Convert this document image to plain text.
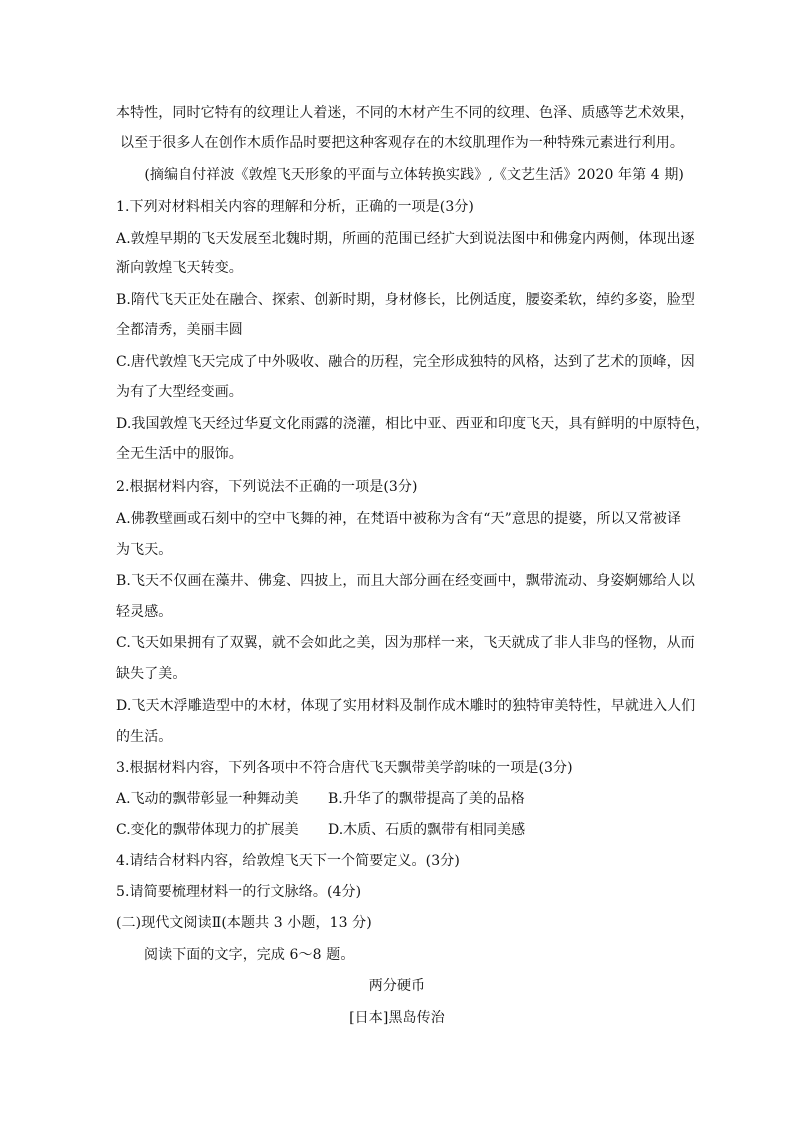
本特性，同时它特有的纹理让人着迷，不同的木材产生不同的纹理、色泽、质感等艺术效果，
以至于很多人在创作木质作品时要把这种客观存在的木纹肌理作为一种特殊元素进行利用。
(摘编自付祥波《敦煌飞天形象的平面与立体转换实践》,《文艺生活》2020 年第 4 期)
1.下列对材料相关内容的理解和分析，正确的一项是(3分)
A.敦煌早期的飞天发展至北魏时期，所画的范围已经扩大到说法图中和佛龛内两侧，体现出逐
渐向敦煌飞天转变。
B.隋代飞天正处在融合、探索、创新时期，身材修长，比例适度，腰姿柔软，绰约多姿，脸型
全都清秀，美丽丰圆
C.唐代敦煌飞天完成了中外吸收、融合的历程，完全形成独特的风格，达到了艺术的顶峰，因
为有了大型经变画。
D.我国敦煌飞天经过华夏文化雨露的浇灌，相比中亚、西亚和印度飞天，具有鲜明的中原特色，
全无生活中的服饰。
2.根据材料内容，下列说法不正确的一项是(3分)
A.佛教壁画或石刻中的空中飞舞的神，在梵语中被称为含有“天”意思的提婆，所以又常被译
为飞天。
B.飞天不仅画在藻井、佛龛、四披上，而且大部分画在经变画中，飘带流动、身姿婀娜给人以
轻灵感。
C.飞天如果拥有了双翼，就不会如此之美，因为那样一来，飞天就成了非人非鸟的怪物，从而
缺失了美。
D.飞天木浮雕造型中的木材，体现了实用材料及制作成木雕时的独特审美特性，早就进入人们
的生活。
3.根据材料内容，下列各项中不符合唐代飞天飘带美学韵味的一项是(3分)
A.飞动的飘带彰显一种舞动美 B.升华了的飘带提高了美的品格
C.变化的飘带体现力的扩展美 D.木质、石质的飘带有相同美感
4.请结合材料内容，给敦煌飞天下一个简要定义。(3分)
5.请简要梳理材料一的行文脉络。(4分)
(二)现代文阅读Ⅱ(本题共 3 小题，13 分)
阅读下面的文字，完成 6～8 题。
两分硬币
[日本]黑岛传治
